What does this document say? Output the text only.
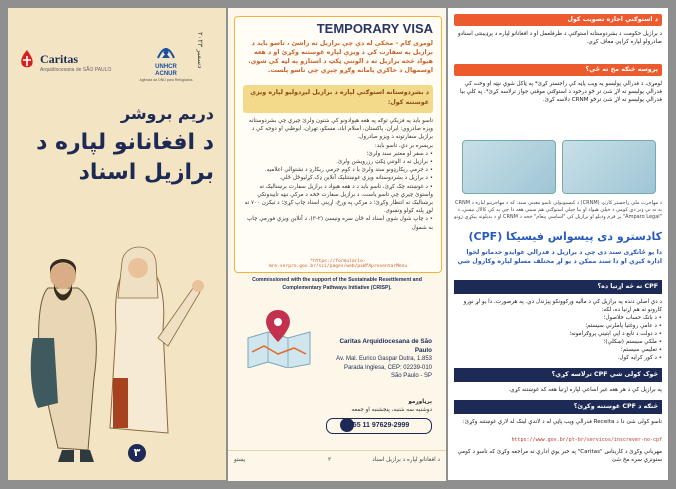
Caritas
Arquidiocesana de SÃO PAULO	UNHCR
ACNUR
Agência da ONU para Refugiados
دسمبر ۲۰۲۳
دریم بروشر
د افغانانو لپاره د برازیل اسناد
۳
TEMPORARY VISA
لومړی ګام - مخکې له دې چې برازیل ته راشئ ، تاسو باید د برازیل په سفارت کې د ویزې لپاره غوښتنه وکړئ او د هغه هیواد څخه برازیل ته د الوتنې ټکټ د استازو په لټه کې شوي. اوسمهال د خاکري پامانه وګړو چېږي چي تاسو پلست.
د بشردوستانه استوګنې لپاره د برازیل لیږدولیو لپاره ویزې غوښتنه کول:
تاسو باید په فزیکي توګه په هغه هېوادونو کې شتون ولرئ چیرې چې بشردوستانه ویزه صادروي: ایران، پاکستان، اسلام اباد، مسکو، تهران، ابوظبي او دوحه کې د برازیل سفارتونه د ویزو صادرول.
بریسره بر دې، تاسو باید:
• د سفر او معتبر سند ولرئ؛
• برازیل ته د الوتنې ټکټ رزرویشن ولرئ.
• د جرمي ریکارډونو سند ولرئ یا د کوم جرمي ریکارډ د نشتوالي اعلامیه.
• د برازیل د بشردوستانه ویزې غوښتنلیک آنلاین ډک کړلیوځل ځلي.
• د غوښتنه چک کړئ، تاسو باید د د هغه هېواد د برازیل سفارت برښنالیک ته واستوئ چیرې چې تاسو یاست، د برازیل سفارت څخه د مرکې نېټه تاییدونکي برښنالیک ته انتظار وکړئ؛ د مرکې په ورځ، اړینې اسناد چاپ کړئ؛ د تیکرن ۷۰۰ ته لوړ پلنه کولو ونښوی.
• د چاپ شول شوي اسناد له ځان سره ونیسئ (۲-۳)، د آنلاین ویزې فورمې چاپ به شمول
*https://formulario-mre.serpro.gov.br/sci/pages/web/pxWfApresentarMenu
Commissioned with the support of the Sustainable Resettlement and Complementary Pathways Initiative (CRISP).
Caritas Arquidiocesana de São Paulo
Av. Mal. Eurico Gaspar Dutra, 1.853
Parada Inglesa, CEP: 02239-010
São Paulo - SP
ېرڼاوږمو
دوشنبه سه شنبه، پنجشنبه او جمعه
+55 11 97629-2999
د استوګنې اجازه تصویب کول
د برازیل حکومت د بشردوستانه استوګنې د ظرفلعمل او د افغانانو لپاره د پرډیبنتی اسنادو صادرولو لپاره کراپي معاف کړي.
پروسه څنګه مخ ته ځي؟
لومړی، د فدرالي پولیسو په ویب پاڼه کې راجستر کړئ* په ټاکل شوې نېټه او وخت کې فدرالي پولیسو ته لاړ شئ تر څو درخود د استوګنې موقتي جواز ترلاسه کړئ*. په کلي بیا فدرالي پولیسو ته لاړ شئ ترڅو CRNM دلاسه کړئ.
د مهاجرت ملي راجستر کارټ (CRNM) د کیسیونولي تاسو معیني سند. که د مهاجرینو لپاره د CRNM نه نه نې ډېر دي کومې د خپلې هیواد او بیا خپلې استوګنې هم سمې هغه دا چې په کې کالال نیسي، د "Amparo Legal" پر فرم ودیلو او برازیل کې "اساسي پیغام" څخه د CRNM او د بدیلونه پیکړي ژونو
کادسترو دی پیسواس فیسیکا (CPF)
دا یو ځانګړی سند دی چې د برازیل د فدرالي عوایدو خدماتو لخوا اداره کیږي او دا سند ممکن د یو لړ مختلف مسلو لپاره وکارول شي
CPF ته څه اړتیا ده؟
د دې اصلي دنده په برازیل کې د مالیه ورکوونکو پېژندل دي. په هرصورت، دا یو لړ نورو کارونو ته هم اړتیا ده، لکه:
• د بانک حساب خلاصول؛
• د عامې روغتیا پاملرنې سیستم؛
• د دولت د تابع د اپي اېتیني پروګرامونه؛
• ملکي سیستم (ښکلي)؛
• تعلیمي سیستم؛
• د کور کرایه کول.
څوک کولی شي CPF ترلاسه کړي؟
په برازیل کې د هر هغه غیر اساعي لپاره اړتیا هغه که غوښتنه کړي.
څنګه د CPF غوښتنه وکړئ؟
تاسو کولی شئ دا د Receita فدرالي ویب پاڼې له د لاندې لینک له لارې غوښتنه وکړئ:
https://www.gov.br/pt-br/servicos/inscrever-no-cpf
مهرباني وکړئ د کاریتاس "Caritas" په خبر یوې ادارې ته مراجعه وکړئ که تاسو د کومې ستونزې سره مخ شئ
د افغانانو لپاره د برازیل اسناد
۳
پښتو
